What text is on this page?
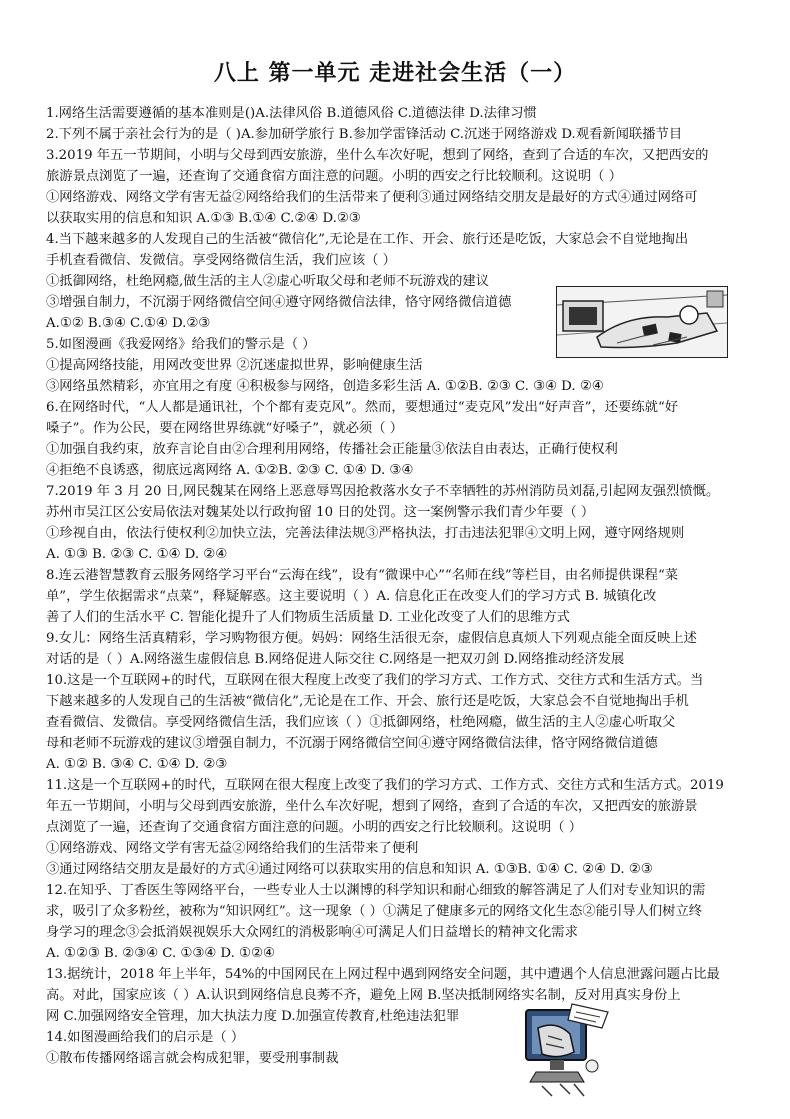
八上 第一单元 走进社会生活（一）
1.网络生活需要遵循的基本准则是()A.法律风俗 B.道德风俗 C.道德法律 D.法律习惯
2.下列不属于亲社会行为的是（ )A.参加研学旅行 B.参加学雷锋活动 C.沉迷于网络游戏 D.观看新闻联播节目
3.2019 年五一节期间，小明与父母到西安旅游，坐什么车次好呢，想到了网络，查到了合适的车次，又把西安的
旅游景点浏览了一遍，还查询了交通食宿方面注意的问题。小明的西安之行比较顺利。这说明（ ）
①网络游戏、网络文学有害无益②网络给我们的生活带来了便利③通过网络结交朋友是最好的方式④通过网络可
以获取实用的信息和知识 A.①③ B.①④ C.②④ D.②③
4.当下越来越多的人发现自己的生活被“微信化”,无论是在工作、开会、旅行还是吃饭，大家总会不自觉地掏出
手机查看微信、发微信。享受网络微信生活，我们应该（ ）
①抵御网络，杜绝网瘾,做生活的主人②虚心听取父母和老师不玩游戏的建议
③增强自制力，不沉溺于网络微信空间④遵守网络微信法律，恪守网络微信道德
A.①② B.③④ C.①④ D.②③
5.如图漫画《我爱网络》给我们的警示是（ ）
①提高网络技能，用网改变世界 ②沉迷虚拟世界，影响健康生活
③网络虽然精彩，亦宜用之有度 ④积极参与网络，创造多彩生活 A. ①②B. ②③ C. ③④ D. ②④
6.在网络时代，“人人都是通讯社，个个都有麦克风”。然而，要想通过“麦克风”发出“好声音”，还要练就“好
嗓子”。作为公民，要在网络世界练就“好嗓子”，就必须（ ）
①加强自我约束，放弃言论自由②合理利用网络，传播社会正能量③依法自由表达，正确行使权利
④拒绝不良诱惑，彻底远离网络 A. ①②B. ②③ C. ①④ D. ③④
7.2019 年 3 月 20 日,网民魏某在网络上恶意辱骂因抢救落水女子不幸牺牲的苏州消防员刘磊,引起网友强烈愤慨。
苏州市吴江区公安局依法对魏某处以行政拘留 10 日的处罚。这一案例警示我们青少年要（ ）
①珍视自由，依法行使权利②加快立法，完善法律法规③严格执法，打击违法犯罪④文明上网，遵守网络规则
A. ①③ B. ②③ C. ①④ D. ②④
8.连云港智慧教育云服务网络学习平台“云海在线”，设有“微课中心”“名师在线”等栏目，由名师提供课程“菜
单”，学生依据需求“点菜”，释疑解惑。这主要说明（ ）A. 信息化正在改变人们的学习方式 B. 城镇化改
善了人们的生活水平 C. 智能化提升了人们物质生活质量 D. 工业化改变了人们的思维方式
9.女儿：网络生活真精彩，学习购物很方便。妈妈：网络生活很无奈，虚假信息真烦人下列观点能全面反映上述
对话的是（ ）A.网络滋生虚假信息 B.网络促进人际交往 C.网络是一把双刃剑 D.网络推动经济发展
10.这是一个互联网+的时代，互联网在很大程度上改变了我们的学习方式、工作方式、交往方式和生活方式。当
下越来越多的人发现自己的生活被“微信化”,无论是在工作、开会、旅行还是吃饭，大家总会不自觉地掏出手机
查看微信、发微信。享受网络微信生活，我们应该（ ）①抵御网络，杜绝网瘾，做生活的主人②虚心听取父
母和老师不玩游戏的建议③增强自制力，不沉溺于网络微信空间④遵守网络微信法律，恪守网络微信道德
A. ①② B. ③④ C. ①④ D. ②③
11.这是一个互联网+的时代，互联网在很大程度上改变了我们的学习方式、工作方式、交往方式和生活方式。2019
年五一节期间，小明与父母到西安旅游，坐什么车次好呢，想到了网络，查到了合适的车次，又把西安的旅游景
点浏览了一遍，还查询了交通食宿方面注意的问题。小明的西安之行比较顺利。这说明（ ）
①网络游戏、网络文学有害无益②网络给我们的生活带来了便利
③通过网络结交朋友是最好的方式④通过网络可以获取实用的信息和知识 A. ①③B. ①④ C. ②④ D. ②③
12.在知乎、丁香医生等网络平台，一些专业人士以渊博的科学知识和耐心细致的解答满足了人们对专业知识的需
求，吸引了众多粉丝，被称为“知识网红”。这一现象（ ）①满足了健康多元的网络文化生态②能引导人们树立终
身学习的理念③会抵消娱视娱乐大众网红的消极影响④可满足人们日益增长的精神文化需求
A. ①②③ B. ②③④ C. ①③④ D. ①②④
13.据统计，2018 年上半年，54%的中国网民在上网过程中遇到网络安全问题，其中遭遇个人信息泄露问题占比最
高。对此，国家应该（ ）A.认识到网络信息良莠不齐，避免上网 B.坚决抵制网络实名制，反对用真实身份上
网 C.加强网络安全管理，加大执法力度 D.加强宣传教育,杜绝违法犯罪
14.如图漫画给我们的启示是（ ）
①散布传播网络谣言就会构成犯罪，要受刑事制裁
